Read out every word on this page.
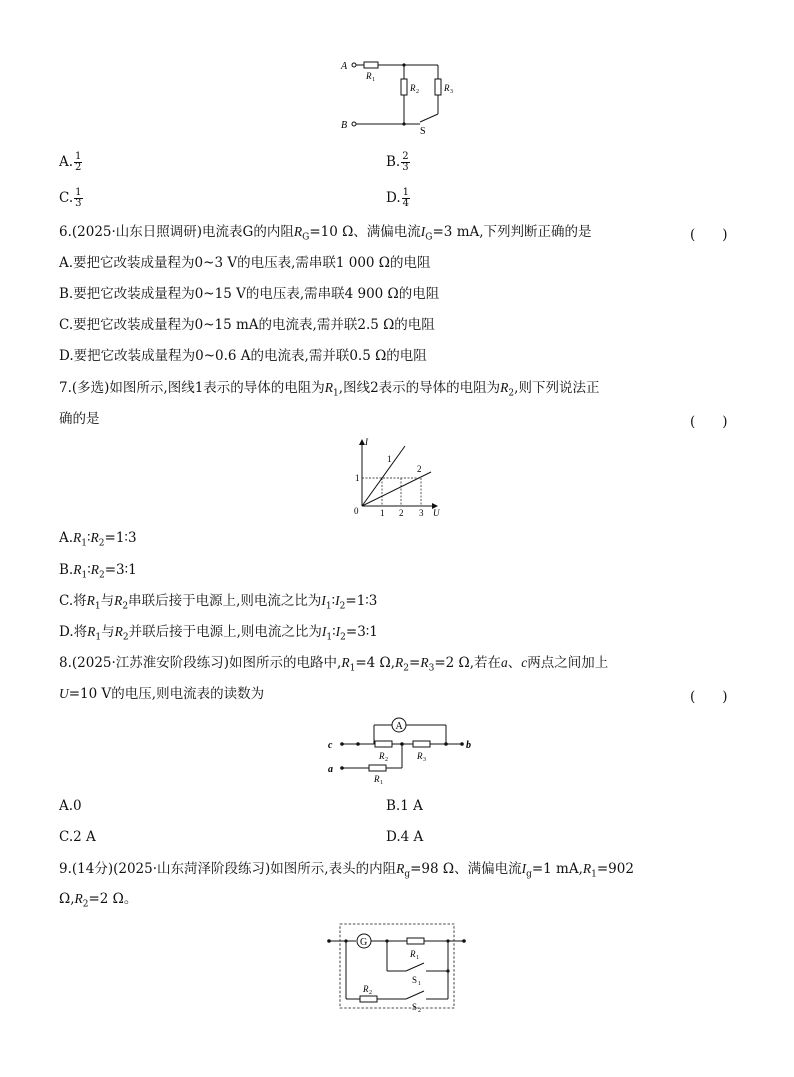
A
B
R 1
R 2	R 3
S
A. $\frac{1}{2}$	B. $\frac{2}{3}$
C. $\frac{1}{3}$	D. $\frac{1}{4}$
6.(2025·山东日照调研)电流表G的内阻$R_G=10$ Ω、满偏电流$I_G=3$ mA,下列判断正确的是	(　　)
A.要把它改装成量程为0~3 V的电压表,需串联1 000 Ω的电阻
B.要把它改装成量程为0~15 V的电压表,需串联4 900 Ω的电阻
C.要把它改装成量程为0~15 mA的电流表,需并联2.5 Ω的电阻
D.要把它改装成量程为0~0.6 A的电流表,需并联0.5 Ω的电阻
7.(多选)如图所示,图线1表示的导体的电阻为$R_1$,图线2表示的导体的电阻为$R_2$,则下列说法正
确的是	(　　)
I
U
0 1 2 3
1
1
2
$A.R_1∶R_2=1∶3$
$B.R_1∶R_2=3∶1$
C.将$R_1$与$R_2$串联后接于电源上,则电流之比为$I_1∶I_2=1∶3$
D.将$R_1$与$R_2$并联后接于电源上,则电流之比为$I_1∶I_2=3∶1$
8.(2025·江苏淮安阶段练习)如图所示的电路中$,R_1=4$ $\Omega,R_2=R_3=2$ Ω,若在a、c两点之间加上
U=10 V的电压,则电流表的读数为	(　　)
A
c
a
b
R 2	R 3
R 1
A.0	B.1 A
C.2 A	D.4 A
9.(14分)(2025·山东菏泽阶段练习)如图所示,表头的内阻$R_g=98$ Ω、满偏电流$I_g=1$ $mA,R_1=902$
$\Omega,R_2=2$ Ω。
G
R 1
S 1
R 2
S 2
